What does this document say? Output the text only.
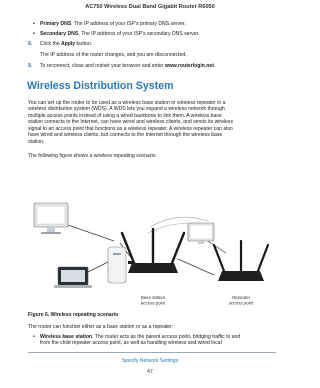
AC750 Wireless Dual Band Gigabit Router R6050
• Primary DNS. The IP address of your ISP’s primary DNS server.
• Secondary DNS. The IP address of your ISP’s secondary DNS server.
8. Click the Apply button.
The IP address of the router changes, and you are disconnected.
9. To reconnect, close and restart your browser and enter www.routerlogin.net.
Wireless Distribution System
You can set up the router to be used as a wireless base station or wireless repeater in a
wireless distribution system (WDS). A WDS lets you expand a wireless network through
multiple access points instead of using a wired backbone to link them. A wireless base
station connects to the Internet, can have wired and wireless clients, and sends its wireless
signal to an access point that functions as a wireless repeater. A wireless repeater can also
have wired and wireless clients, but connects to the Internet through the wireless base
station.
The following figure shows a wireless repeating scenario.
Base station
access point
Repeater
access point
Figure 6. Wireless repeating scenario
The router can function either as a base station or as a repeater:
• Wireless base station. The router acts as the parent access point, bridging traffic to and
from the child repeater access point, as well as handling wireless and wired local
Specify Network Settings
47
